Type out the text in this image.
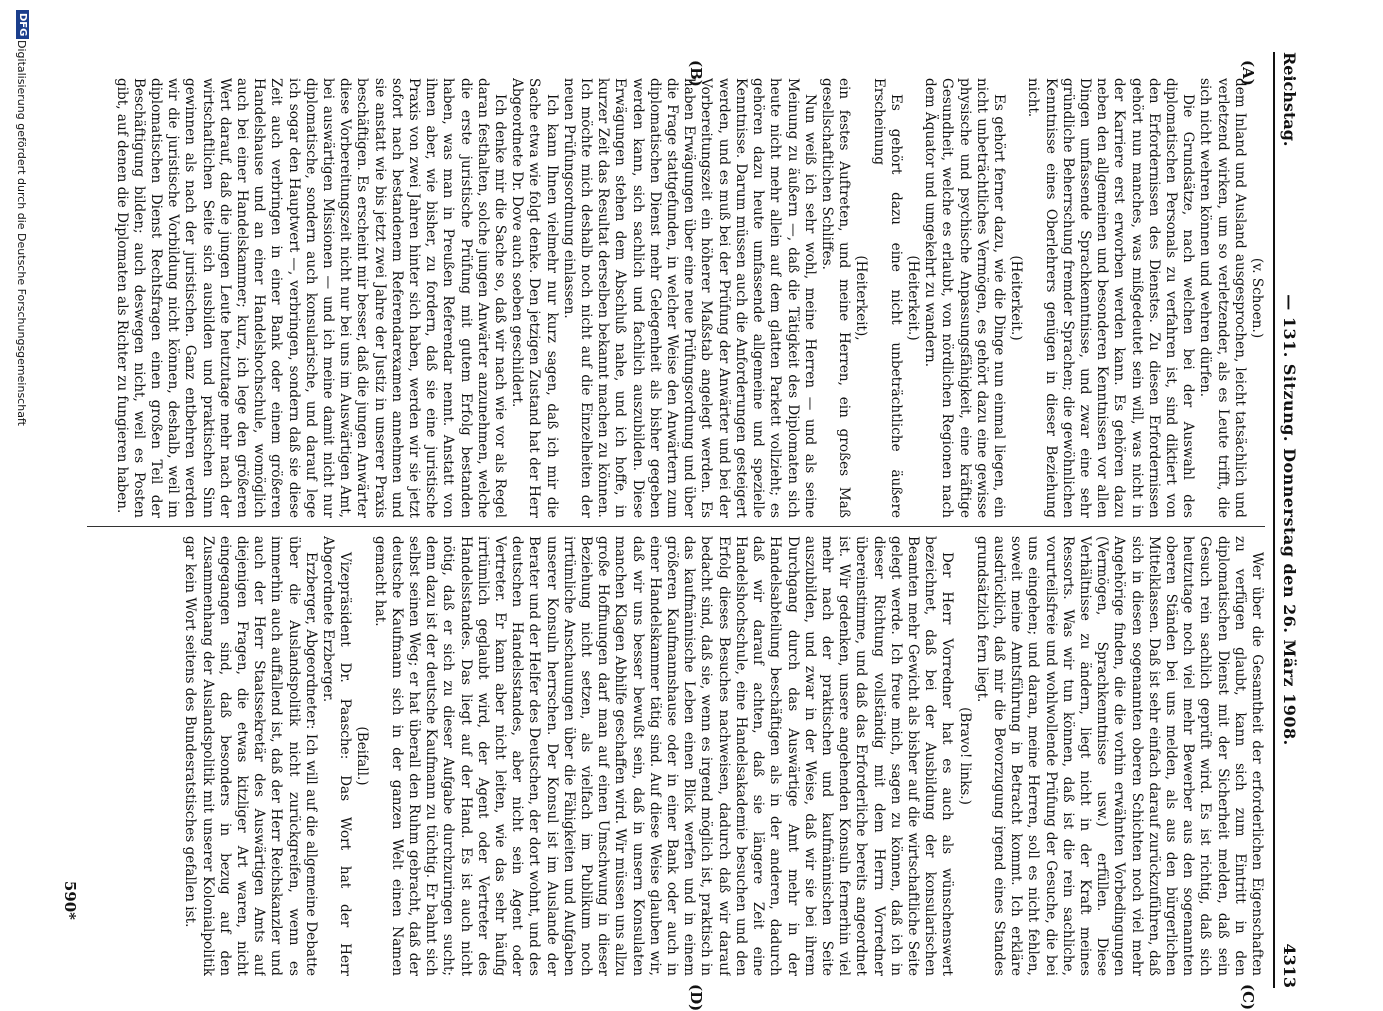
Reichstag.
— 131. Sitzung. Donnerstag den 26. März 1908.
4313
(A)
(B)
(C)
(D)

(v. Schoen.)

dem Inland und Ausland ausgesprochen, leicht tatsächlich und verletzend wirken, um so verletzender, als es Leute trifft, die sich nicht wehren können und wehren dürfen.

Die Grundsätze, nach welchen bei der Auswahl des diplomatischen Personals zu verfahren ist, sind diktiert von den Erfordernissen des Dienstes. Zu diesen Erfordernissen gehört nun manches, was mißgedeutet sein will, was nicht in der Karriere erst erworben werden kann. Es gehören dazu neben den allgemeinen und besonderen Kenntnissen vor allen Dingen umfassende Sprachkenntnisse, und zwar eine sehr gründliche Beherrschung fremder Sprachen; die gewöhnlichen Kenntnisse eines Oberlehrers genügen in dieser Beziehung nicht.

(Heiterkeit.)

Es gehört ferner dazu, wie die Dinge nun einmal liegen, ein nicht unbeträchtliches Vermögen, es gehört dazu eine gewisse physische und psychische Anpassungsfähigkeit, eine kräftige Gesundheit, welche es erlaubt, von nördlichen Regionen nach dem Äquator und umgekehrt zu wandern.

(Heiterkeit.)

Es gehört dazu eine nicht unbeträchtliche äußere Erscheinung

(Heiterkeit),

ein festes Auftreten, und meine Herren, ein großes Maß gesellschaftlichen Schliffes.

Nun weiß ich sehr wohl, meine Herren — und als seine Meinung zu äußern —, daß die Tätigkeit des Diplomaten sich heute nicht mehr allein auf dem glatten Parkett vollzieht; es gehören dazu heute umfassende allgemeine und spezielle Kenntnisse. Darum müssen auch die Anforderungen gesteigert werden, und es muß bei der Prüfung der Anwärter und bei der Vorbereitungszeit ein höherer Maßstab angelegt werden. Es haben Erwägungen über eine neue Prüfungsordnung und über die Frage stattgefunden, in welcher Weise den Anwärtern zum diplomatischen Dienst mehr Gelegenheit als bisher gegeben werden kann, sich sachlich und fachlich auszubilden. Diese Erwägungen stehen dem Abschluß nahe, und ich hoffe, in kurzer Zeit das Resultat derselben bekannt machen zu können. Ich möchte mich deshalb noch nicht auf die Einzelheiten der neuen Prüfungsordnung einlassen.

Ich kann Ihnen vielmehr nur kurz sagen, daß ich mir die Sache etwa wie folgt denke. Den jetzigen Zustand hat der Herr Abgeordnete Dr. Dove auch soeben geschildert.

Ich denke mir die Sache so, daß wir nach wie vor als Regel daran festhalten, solche jungen Anwärter anzunehmen, welche die erste juristische Prüfung mit gutem Erfolg bestanden haben, was man in Preußen Referendar nennt. Anstatt von ihnen aber, wie bisher, zu fordern, daß sie eine juristische Praxis von zwei Jahren hinter sich haben, werden wir sie jetzt sofort nach bestandenem Referendarexamen annehmen und sie anstatt wie bis jetzt zwei Jahre der Justiz in unserer Praxis beschäftigen. Es erscheint mir besser, daß die jungen Anwärter diese Vorbereitungszeit nicht nur bei uns im Auswärtigen Amt, bei auswärtigen Missionen — und ich meine damit nicht nur diplomatische, sondern auch konsularische, und darauf lege ich sogar den Hauptwert —, verbringen, sondern daß sie diese Zeit auch verbringen in einer Bank oder einem größeren Handelshause und an einer Handelshochschule, womöglich auch bei einer Handelskammer; kurz, ich lege den größeren Wert darauf, daß die jungen Leute heutzutage mehr nach der wirtschaftlichen Seite sich ausbilden und praktischen Sinn gewinnen als nach der juristischen. Ganz entbehren werden wir die juristische Vorbildung nicht können, deshalb, weil im diplomatischen Dienst Rechtsfragen einen großen Teil der Beschäftigung bilden; auch deswegen nicht, weil es Posten gibt, auf denen die Diplomaten als Richter zu fungieren haben.

Wer über die Gesamtheit der erforderlichen Eigenschaften zu verfügen glaubt, kann sich zum Eintritt in den diplomatischen Dienst mit der Sicherheit melden, daß sein Gesuch rein sachlich geprüft wird. Es ist richtig, daß sich heutzutage noch viel mehr Bewerber aus den sogenannten oberen Ständen bei uns melden, als aus den bürgerlichen Mittelklassen. Daß ist sehr einfach darauf zurückzuführen, daß sich in diesen sogenannten oberen Schichten noch viel mehr Angehörige finden, die die vorhin erwähnten Vorbedingungen (Vermögen, Sprachkenntnisse usw.) erfüllen. Diese Verhältnisse zu ändern, liegt nicht in der Kraft meines Ressorts. Was wir tun können, daß ist die rein sachliche, vorurteilsfreie und wohlwollende Prüfung der Gesuche, die bei uns eingehen; und daran, meine Herren, soll es nicht fehlen, soweit meine Amtsführung in Betracht kommt. Ich erkläre ausdrücklich, daß mir die Bevorzugung irgend eines Standes grundsätzlich fern liegt.

(Bravo! links.)

Der Herr Vorredner hat es auch als wünschenswert bezeichnet, daß bei der Ausbildung der konsularischen Beamten mehr Gewicht als bisher auf die wirtschaftliche Seite gelegt werde. Ich freue mich, sagen zu können, daß ich in dieser Richtung vollständig mit dem Herrn Vorredner übereinstimme, und daß das Erforderliche bereits angeordnet ist. Wir gedenken, unsere angehenden Konsuln fernerhin viel mehr nach der praktischen und kaufmännischen Seite auszubilden, und zwar in der Weise, daß wir sie bei ihrem Durchgang durch das Auswärtige Amt mehr in der Handelsabteilung beschäftigen als in der anderen, dadurch daß wir darauf achten, daß sie längere Zeit eine Handelshochschule, eine Handelsakademie besuchen und den Erfolg dieses Besuches nachweisen, dadurch daß wir darauf bedacht sind, daß sie, wenn es irgend möglich ist, praktisch in das kaufmännische Leben einen Blick werfen und in einem größeren Kaufmannshause oder in einer Bank oder auch in einer Handelskammer tätig sind. Auf diese Weise glauben wir, daß wir uns besser bewußt sein, daß in unsern Konsulaten manchen Klagen Abhilfe geschaffen wird. Wir müssen uns allzu große Hoffnungen darf man auf einen Umschwung in dieser Beziehung nicht setzen, als vielfach im Publikum noch irrtümliche Anschauungen über die Fähigkeiten und Aufgaben unserer Konsuln herrschen. Der Konsul ist im Auslande der Berater und der Helfer des Deutschen, der dort wohnt, und des deutschen Handelsstandes, aber nicht sein Agent oder Vertreter. Er kann aber nicht leiten, wie das sehr häufig irrtümlich geglaubt wird, der Agent oder Vertreter des Handelsstandes. Das liegt auf der Hand. Es ist auch nicht nötig, daß er sich zu dieser Aufgabe durchzuringen sucht; denn dazu ist der deutsche Kaufmann zu tüchtig. Er bahnt sich selbst seinen Weg; er hat überall den Ruhm gebracht, daß der deutsche Kaufmann sich in der ganzen Welt einen Namen gemacht hat.

(Beifall.)

Vizepräsident Dr. Paasche: Das Wort hat der Herr Abgeordnete Erzberger.

Erzberger, Abgeordneter: Ich will auf die allgemeine Debatte über die Auslandspolitik nicht zurückgreifen, wenn es immerhin auch auffallend ist, daß der Herr Reichskanzler und auch der Herr Staatssekretär des Auswärtigen Amts auf diejenigen Fragen, die etwas kitzliger Art waren, nicht eingegangen sind, daß besonders in bezug auf den Zusammenhang der Auslandspolitik mit unserer Kolonialpolitik gar kein Wort seitens des Bundesratstisches gefallen ist.

590*
DFG
Digitalisierung gefördert durch die Deutsche Forschungsgemeinschaft
